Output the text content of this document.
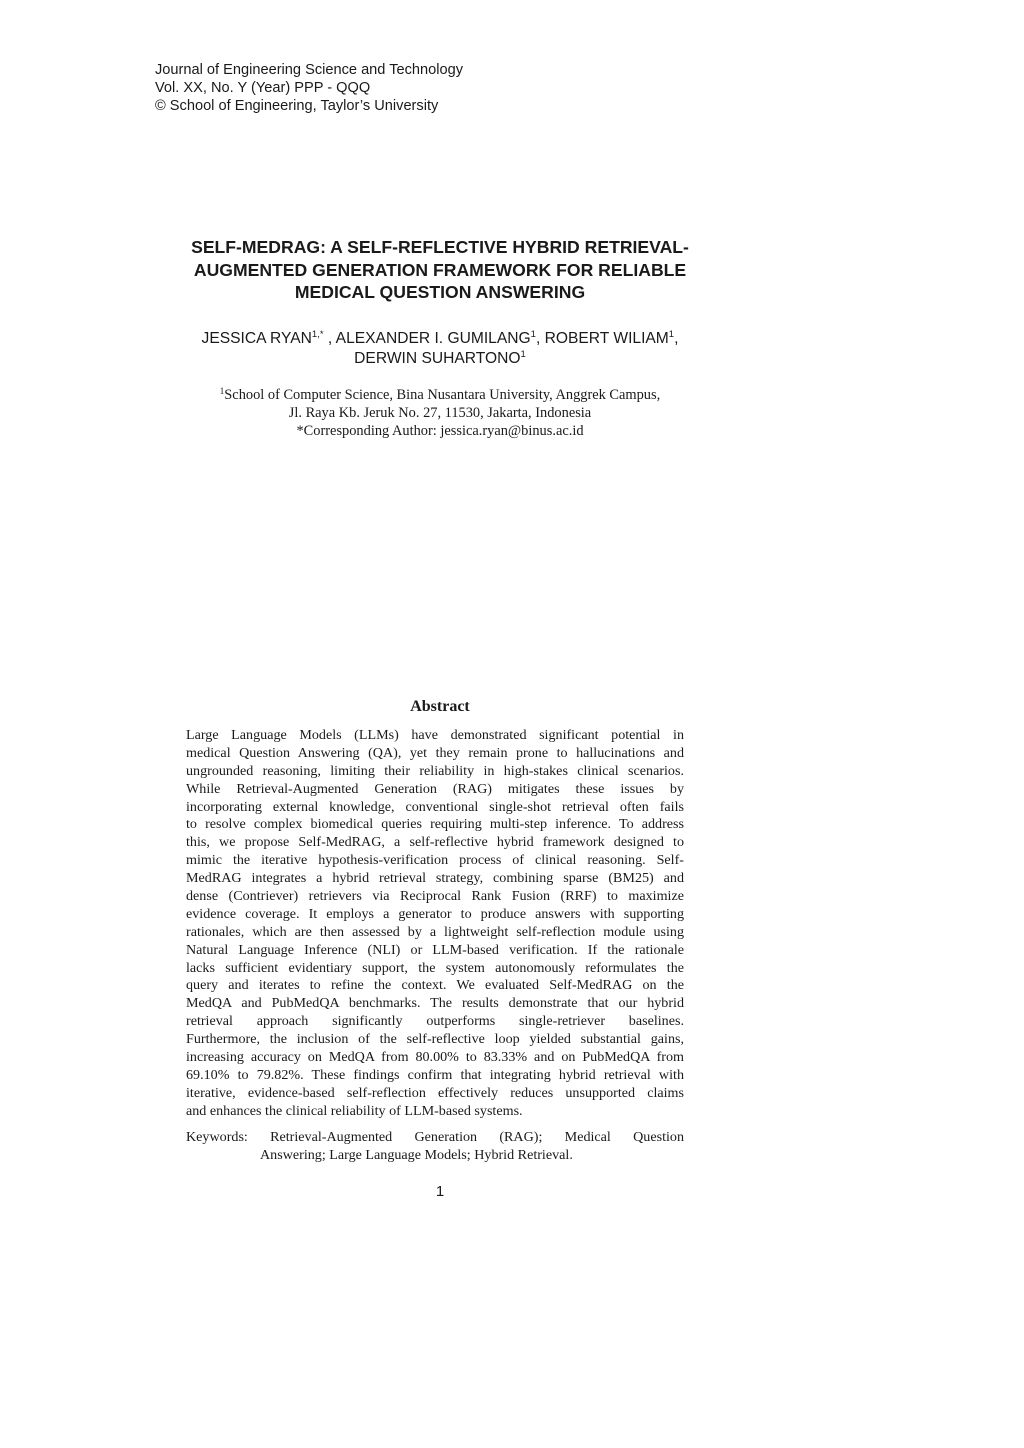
Journal of Engineering Science and Technology
Vol. XX, No. Y (Year) PPP - QQQ
© School of Engineering, Taylor’s University
SELF-MEDRAG: A SELF-REFLECTIVE HYBRID RETRIEVAL-
AUGMENTED GENERATION FRAMEWORK FOR RELIABLE
MEDICAL QUESTION ANSWERING
JESSICA $RYAN^{1,*}$ , ALEXANDER I. GUMILANG$^1$, ROBERT WILIAM$^1$,
DERWIN SUHARTONO$^1$
$^1$School of Computer Science, Bina Nusantara University, Anggrek Campus,
Jl. Raya Kb. Jeruk No. 27, 11530, Jakarta, Indonesia
*Corresponding Author: jessica.ryan@binus.ac.id
Abstract
Large Language Models (LLMs) have demonstrated significant potential in
medical Question Answering (QA), yet they remain prone to hallucinations and
ungrounded reasoning, limiting their reliability in high-stakes clinical scenarios.
While Retrieval-Augmented Generation (RAG) mitigates these issues by
incorporating external knowledge, conventional single-shot retrieval often fails
to resolve complex biomedical queries requiring multi-step inference. To address
this, we propose Self-MedRAG, a self-reflective hybrid framework designed to
mimic the iterative hypothesis-verification process of clinical reasoning. Self-
MedRAG integrates a hybrid retrieval strategy, combining sparse (BM25) and
dense (Contriever) retrievers via Reciprocal Rank Fusion (RRF) to maximize
evidence coverage. It employs a generator to produce answers with supporting
rationales, which are then assessed by a lightweight self-reflection module using
Natural Language Inference (NLI) or LLM-based verification. If the rationale
lacks sufficient evidentiary support, the system autonomously reformulates the
query and iterates to refine the context. We evaluated Self-MedRAG on the
MedQA and PubMedQA benchmarks. The results demonstrate that our hybrid
retrieval approach significantly outperforms single-retriever baselines.
Furthermore, the inclusion of the self-reflective loop yielded substantial gains,
increasing accuracy on MedQA from 80.00% to 83.33% and on PubMedQA from
69.10% to 79.82%. These findings confirm that integrating hybrid retrieval with
iterative, evidence-based self-reflection effectively reduces unsupported claims
and enhances the clinical reliability of LLM-based systems.
Keywords: Retrieval-Augmented Generation (RAG); Medical Question
Answering; Large Language Models; Hybrid Retrieval.
1
